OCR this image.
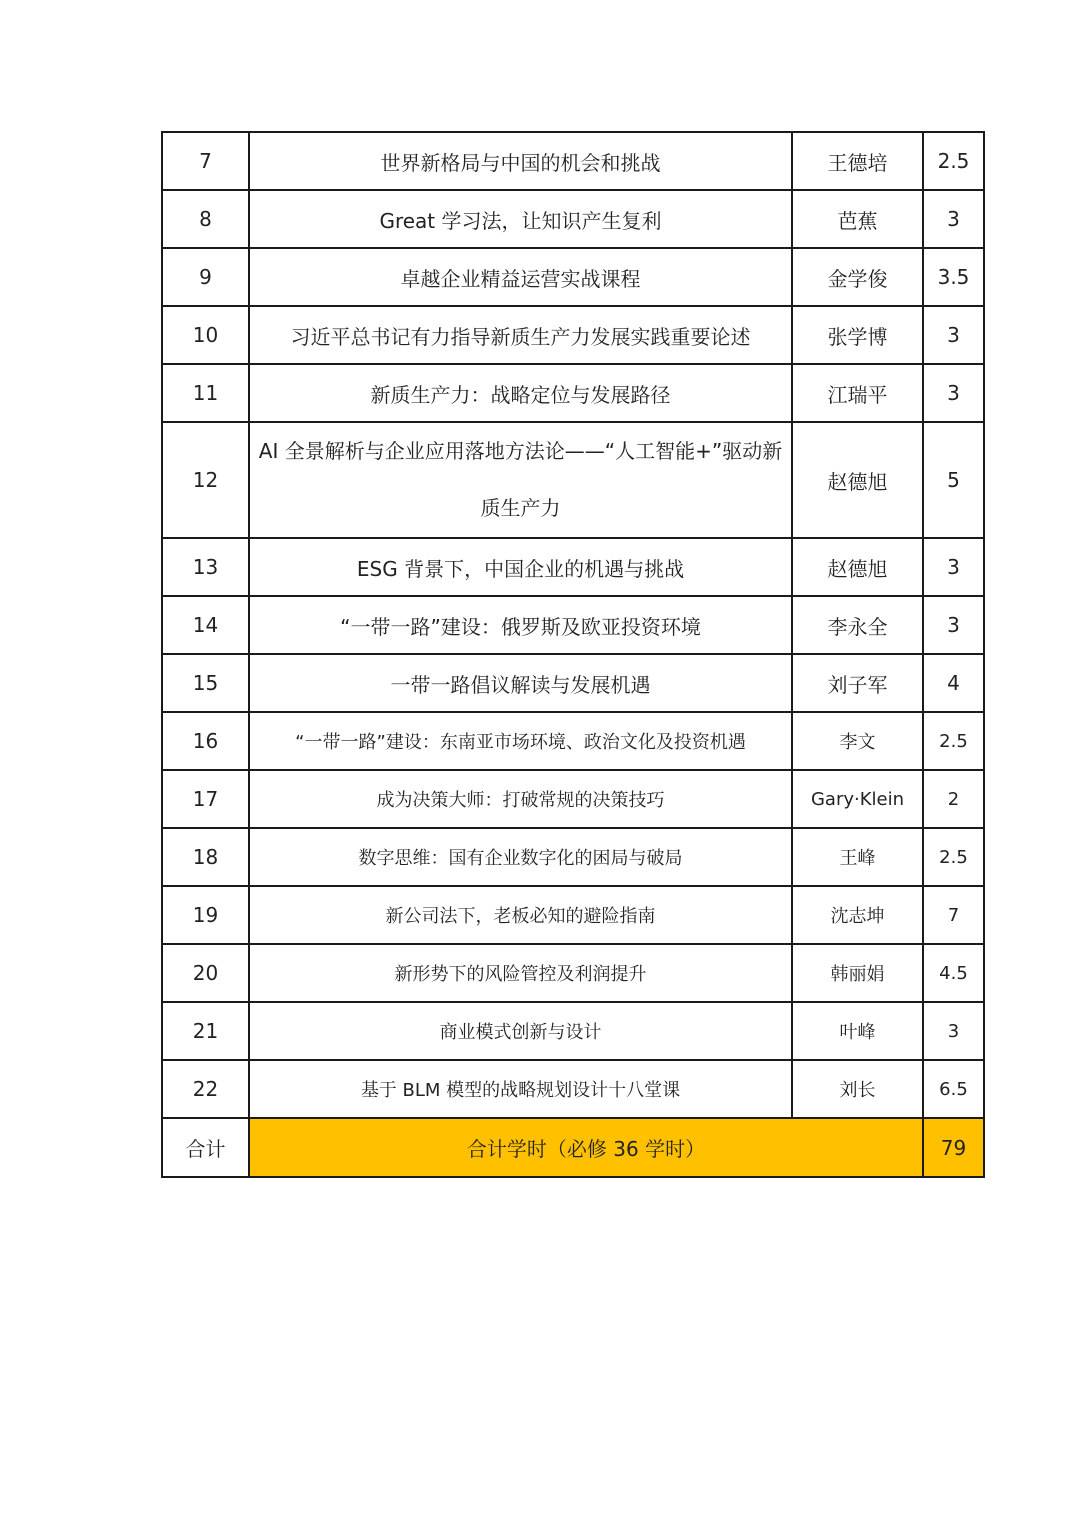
7	世界新格局与中国的机会和挑战	王德培	2.5
8	Great 学习法，让知识产生复利	芭蕉	3
9	卓越企业精益运营实战课程	金学俊	3.5
10	习近平总书记有力指导新质生产力发展实践重要论述	张学博	3
11	新质生产力：战略定位与发展路径	江瑞平	3
12	AI 全景解析与企业应用落地方法论——“人工智能+”驱动新质生产力	赵德旭	5
13	ESG 背景下，中国企业的机遇与挑战	赵德旭	3
14	“一带一路”建设：俄罗斯及欧亚投资环境	李永全	3
15	一带一路倡议解读与发展机遇	刘子军	4
16	“一带一路”建设：东南亚市场环境、政治文化及投资机遇	李文	2.5
17	成为决策大师：打破常规的决策技巧	Gary·Klein	2
18	数字思维：国有企业数字化的困局与破局	王峰	2.5
19	新公司法下，老板必知的避险指南	沈志坤	7
20	新形势下的风险管控及利润提升	韩丽娟	4.5
21	商业模式创新与设计	叶峰	3
22	基于 BLM 模型的战略规划设计十八堂课	刘长	6.5
合计	合计学时（必修 36 学时）		79
